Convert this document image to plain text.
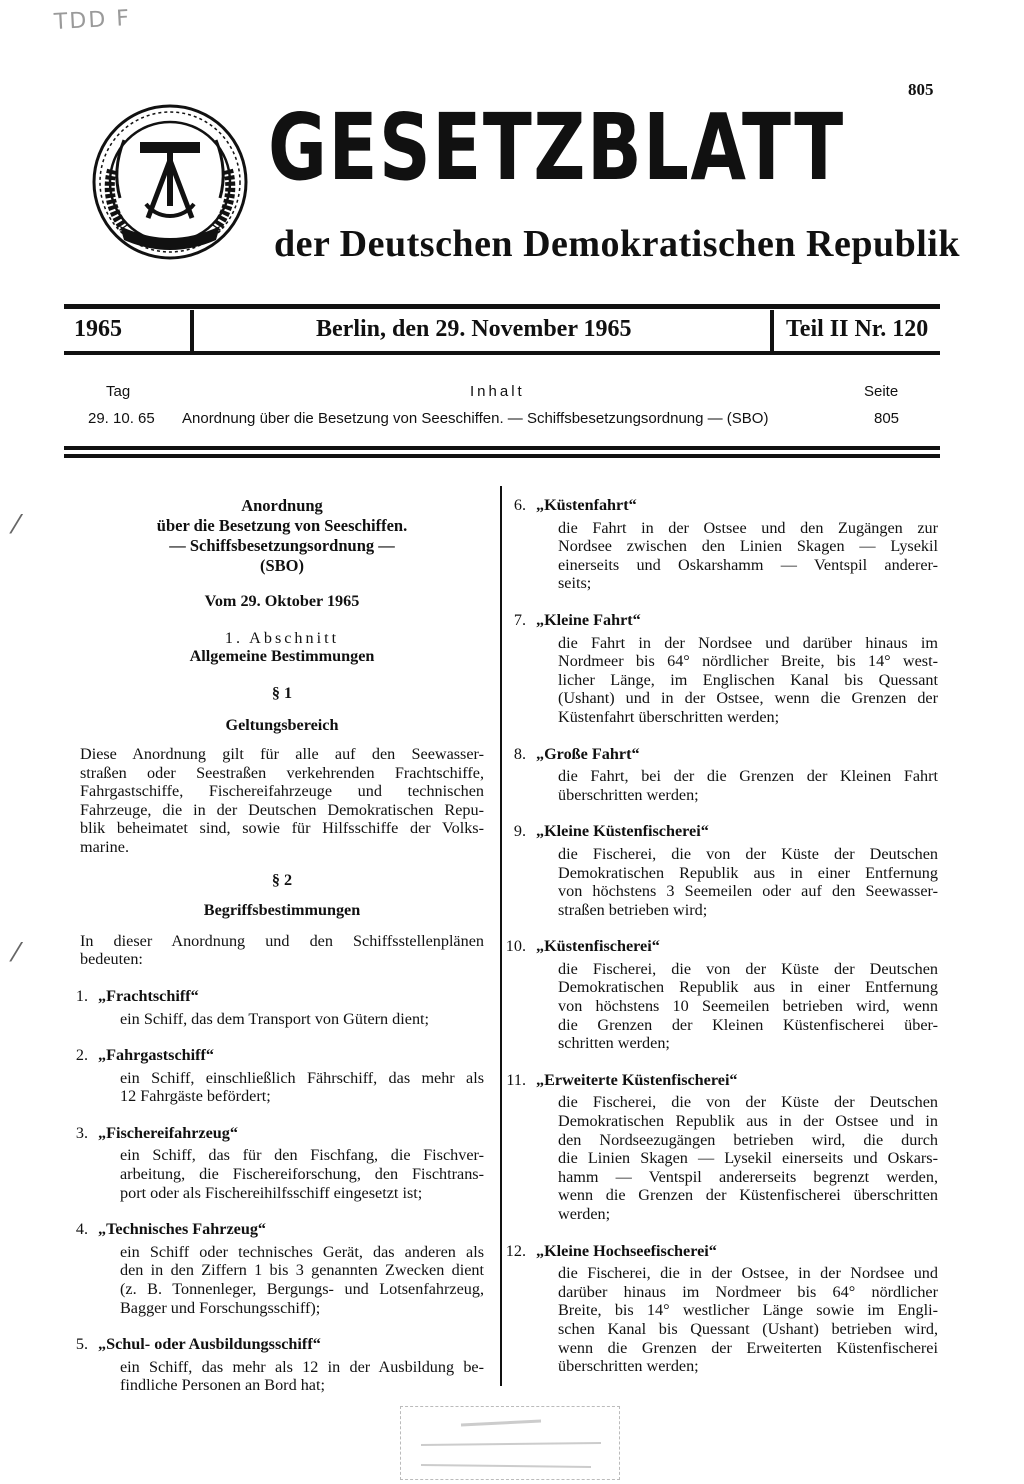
TDD F
⁄
⁄
805
GESETZBLATT
der Deutschen Demokratischen Republik
1965	Berlin, den 29. November 1965	Teil II Nr. 120
Tag	Inhalt	Seite
29. 10. 65 Anordnung über die Besetzung von Seeschiffen. — Schiffsbesetzungsordnung — (SBO)	805
Anordnung
über die Besetzung von Seeschiffen.
— Schiffsbesetzungsordnung —
(SBO)
Vom 29. Oktober 1965
1. Abschnitt
Allgemeine Bestimmungen
§ 1
Geltungsbereich
Diese Anordnung gilt für alle auf den Seewasser-
straßen oder Seestraßen verkehrenden Frachtschiffe,
Fahrgastschiffe, Fischereifahrzeuge und technischen
Fahrzeuge, die in der Deutschen Demokratischen Repu-
blik beheimatet sind, sowie für Hilfsschiffe der Volks-
marine.
§ 2
Begriffsbestimmungen
In dieser Anordnung und den Schiffsstellenplänen
bedeuten:
1. „Frachtschiff“
ein Schiff, das dem Transport von Gütern dient;
2. „Fahrgastschiff“
ein Schiff, einschließlich Fährschiff, das mehr als
12 Fahrgäste befördert;
3. „Fischereifahrzeug“
ein Schiff, das für den Fischfang, die Fischver-
arbeitung, die Fischereiforschung, den Fischtrans-
port oder als Fischereihilfsschiff eingesetzt ist;
4. „Technisches Fahrzeug“
ein Schiff oder technisches Gerät, das anderen als
den in den Ziffern 1 bis 3 genannten Zwecken dient
(z. B. Tonnenleger, Bergungs- und Lotsenfahrzeug,
Bagger und Forschungsschiff);
5. „Schul- oder Ausbildungsschiff“
ein Schiff, das mehr als 12 in der Ausbildung be-
findliche Personen an Bord hat;
6. „Küstenfahrt“
die Fahrt in der Ostsee und den Zugängen zur
Nordsee zwischen den Linien Skagen — Lysekil
einerseits und Oskarshamm — Ventspil anderer-
seits;
7. „Kleine Fahrt“
die Fahrt in der Nordsee und darüber hinaus im
Nordmeer bis 64° nördlicher Breite, bis 14° west-
licher Länge, im Englischen Kanal bis Quessant
(Ushant) und in der Ostsee, wenn die Grenzen der
Küstenfahrt überschritten werden;
8. „Große Fahrt“
die Fahrt, bei der die Grenzen der Kleinen Fahrt
überschritten werden;
9. „Kleine Küstenfischerei“
die Fischerei, die von der Küste der Deutschen
Demokratischen Republik aus in einer Entfernung
von höchstens 3 Seemeilen oder auf den Seewasser-
straßen betrieben wird;
10. „Küstenfischerei“
die Fischerei, die von der Küste der Deutschen
Demokratischen Republik aus in einer Entfernung
von höchstens 10 Seemeilen betrieben wird, wenn
die Grenzen der Kleinen Küstenfischerei über-
schritten werden;
11. „Erweiterte Küstenfischerei“
die Fischerei, die von der Küste der Deutschen
Demokratischen Republik aus in der Ostsee und in
den Nordseezugängen betrieben wird, die durch
die Linien Skagen — Lysekil einerseits und Oskars-
hamm — Ventspil andererseits begrenzt werden,
wenn die Grenzen der Küstenfischerei überschritten
werden;
12. „Kleine Hochseefischerei“
die Fischerei, die in der Ostsee, in der Nordsee und
darüber hinaus im Nordmeer bis 64° nördlicher
Breite, bis 14° westlicher Länge sowie im Engli-
schen Kanal bis Quessant (Ushant) betrieben wird,
wenn die Grenzen der Erweiterten Küstenfischerei
überschritten werden;
